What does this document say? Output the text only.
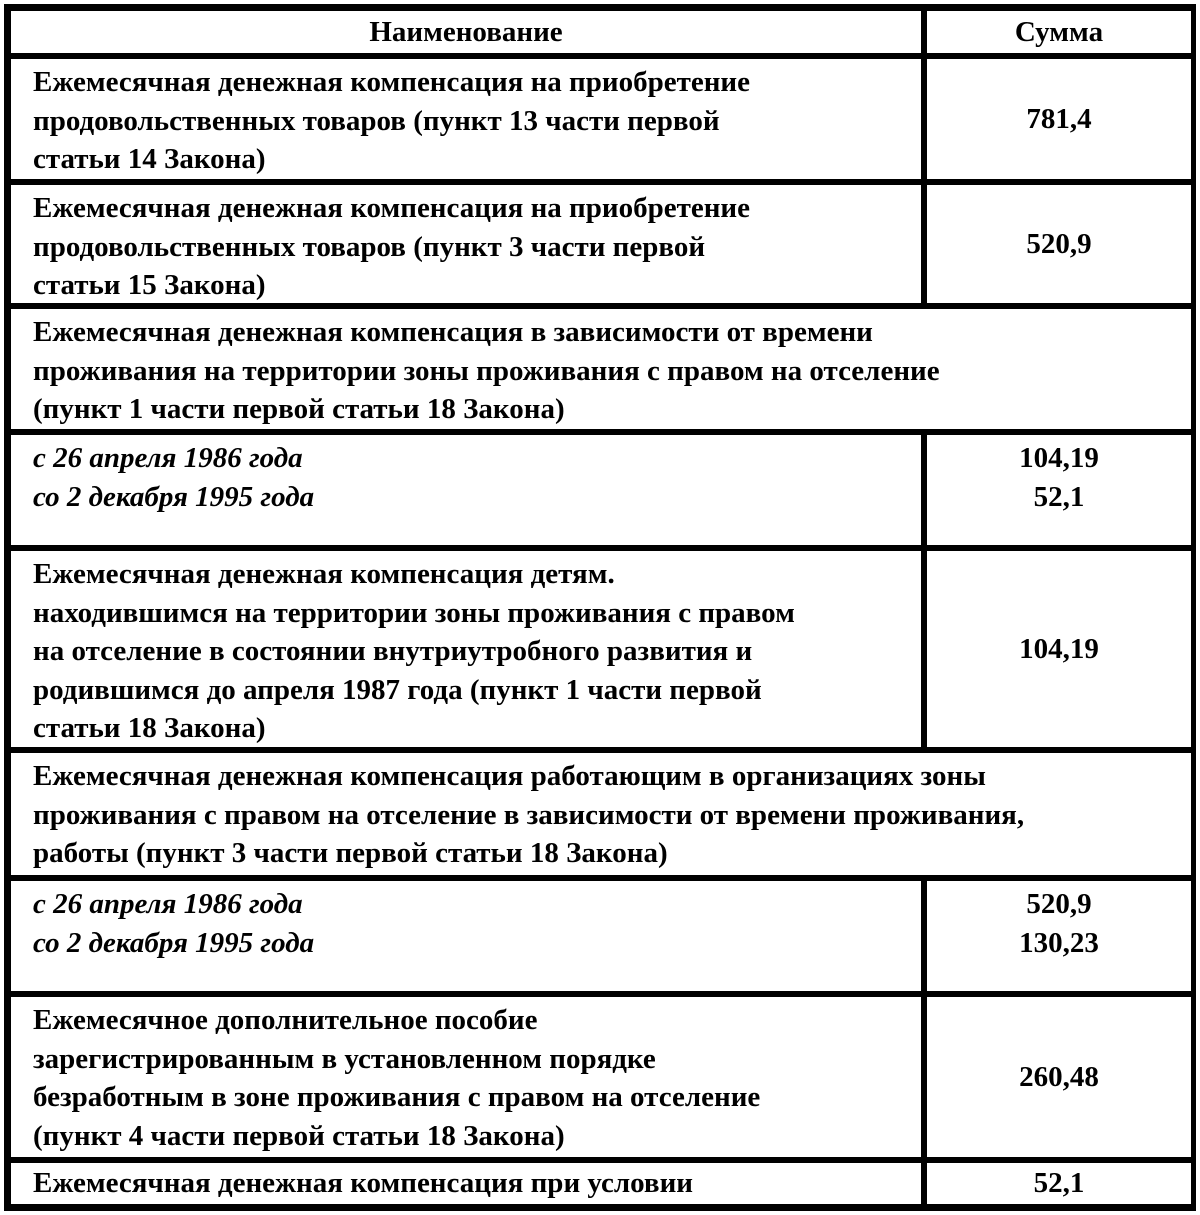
Наименование	Сумма
Ежемесячная денежная компенсация на приобретение
продовольственных товаров (пункт 13 части первой
статьи 14 Закона)
781,4
Ежемесячная денежная компенсация на приобретение
продовольственных товаров (пункт 3 части первой
статьи 15 Закона)
520,9
Ежемесячная денежная компенсация в зависимости от времени
проживания на территории зоны проживания с правом на отселение
(пункт 1 части первой статьи 18 Закона)
с 26 апреля 1986 года
со 2 декабря 1995 года
104,19
52,1
Ежемесячная денежная компенсация детям.
находившимся на территории зоны проживания с правом
на отселение в состоянии внутриутробного развития и
родившимся до апреля 1987 года (пункт 1 части первой
статьи 18 Закона)
104,19
Ежемесячная денежная компенсация работающим в организациях зоны
проживания с правом на отселение в зависимости от времени проживания,
работы (пункт 3 части первой статьи 18 Закона)
с 26 апреля 1986 года
со 2 декабря 1995 года
520,9
130,23
Ежемесячное дополнительное пособие
зарегистрированным в установленном порядке
безработным в зоне проживания с правом на отселение
(пункт 4 части первой статьи 18 Закона)
260,48
Ежемесячная денежная компенсация при условии	52,1
